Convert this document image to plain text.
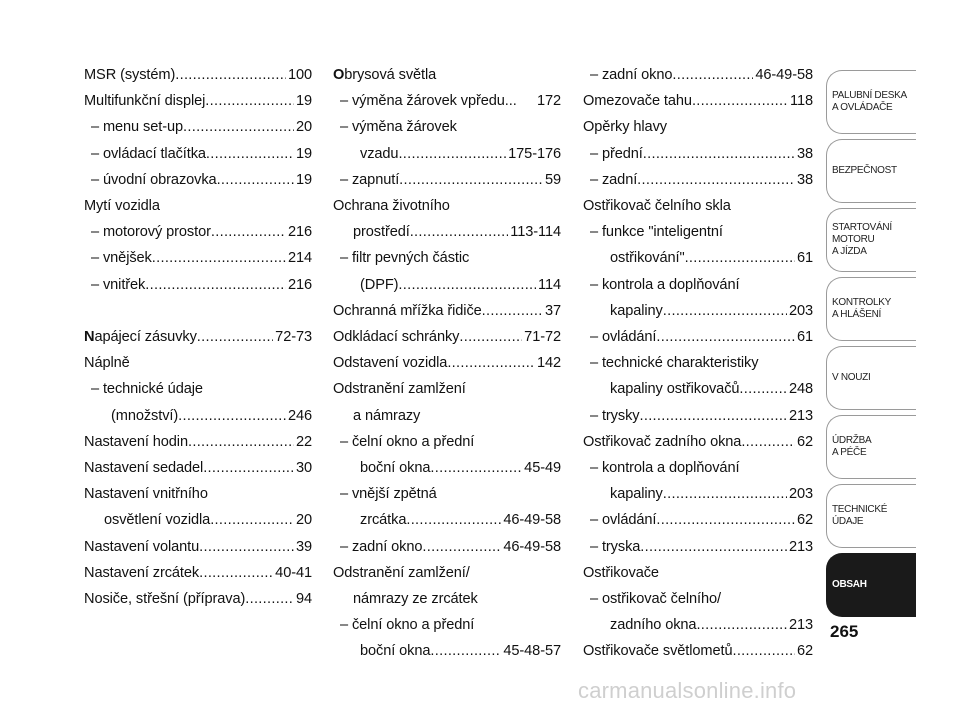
MSR (systém) .....	100
Multifunkční displej .....	19
– menu set-up .....	20
– ovládací tlačítka .....	19
– úvodní obrazovka .....	19
Mytí vozidla
– motorový prostor .....	216
– vnějšek .....	214
– vnitřek .....	216
Napájecí zásuvky .....	72-73
Náplně
– technické údaje
(množství) .....	246
Nastavení hodin .....	22
Nastavení sedadel .....	30
Nastavení vnitřního
osvětlení vozidla .....	20
Nastavení volantu .....	39
Nastavení zrcátek .....	40-41
Nosiče, střešní (příprava) .....	94
Obrysová světla
– výměna žárovek vpředu... 172
– výměna žárovek
vzadu .....	175-176
– zapnutí .....	59
Ochrana životního
prostředí .....	113-114
– filtr pevných částic
(DPF) .....	114
Ochranná mřížka řidiče .....	37
Odkládací schránky .....	71-72
Odstavení vozidla .....	142
Odstranění zamlžení
a námrazy
– čelní okno a přední
boční okna .....	45-49
– vnější zpětná
zrcátka .....	46-49-58
– zadní okno .....	46-49-58
Odstranění zamlžení/
námrazy ze zrcátek
– čelní okno a přední
boční okna .....	45-48-57
– zadní okno .....	46-49-58
Omezovače tahu .....	118
Opěrky hlavy
– přední .....	38
– zadní .....	38
Ostřikovač čelního skla
– funkce "inteligentní
ostřikování" .....	61
– kontrola a doplňování
kapaliny .....	203
– ovládání .....	61
– technické charakteristiky
kapaliny ostřikovačů .....	248
– trysky .....	213
Ostřikovač zadního okna .....	62
– kontrola a doplňování
kapaliny .....	203
– ovládání .....	62
– tryska .....	213
Ostřikovače
– ostřikovač čelního/
zadního okna .....	213
Ostřikovače světlometů .....	62
PALUBNÍ DESKA
A OVLÁDAČE
BEZPEČNOST
STARTOVÁNÍ
MOTORU
A JÍZDA
KONTROLKY
A HLÁŠENÍ
V NOUZI
ÚDRŽBA
A PÉČE
TECHNICKÉ
ÚDAJE
OBSAH
265
carmanualsonline.info
